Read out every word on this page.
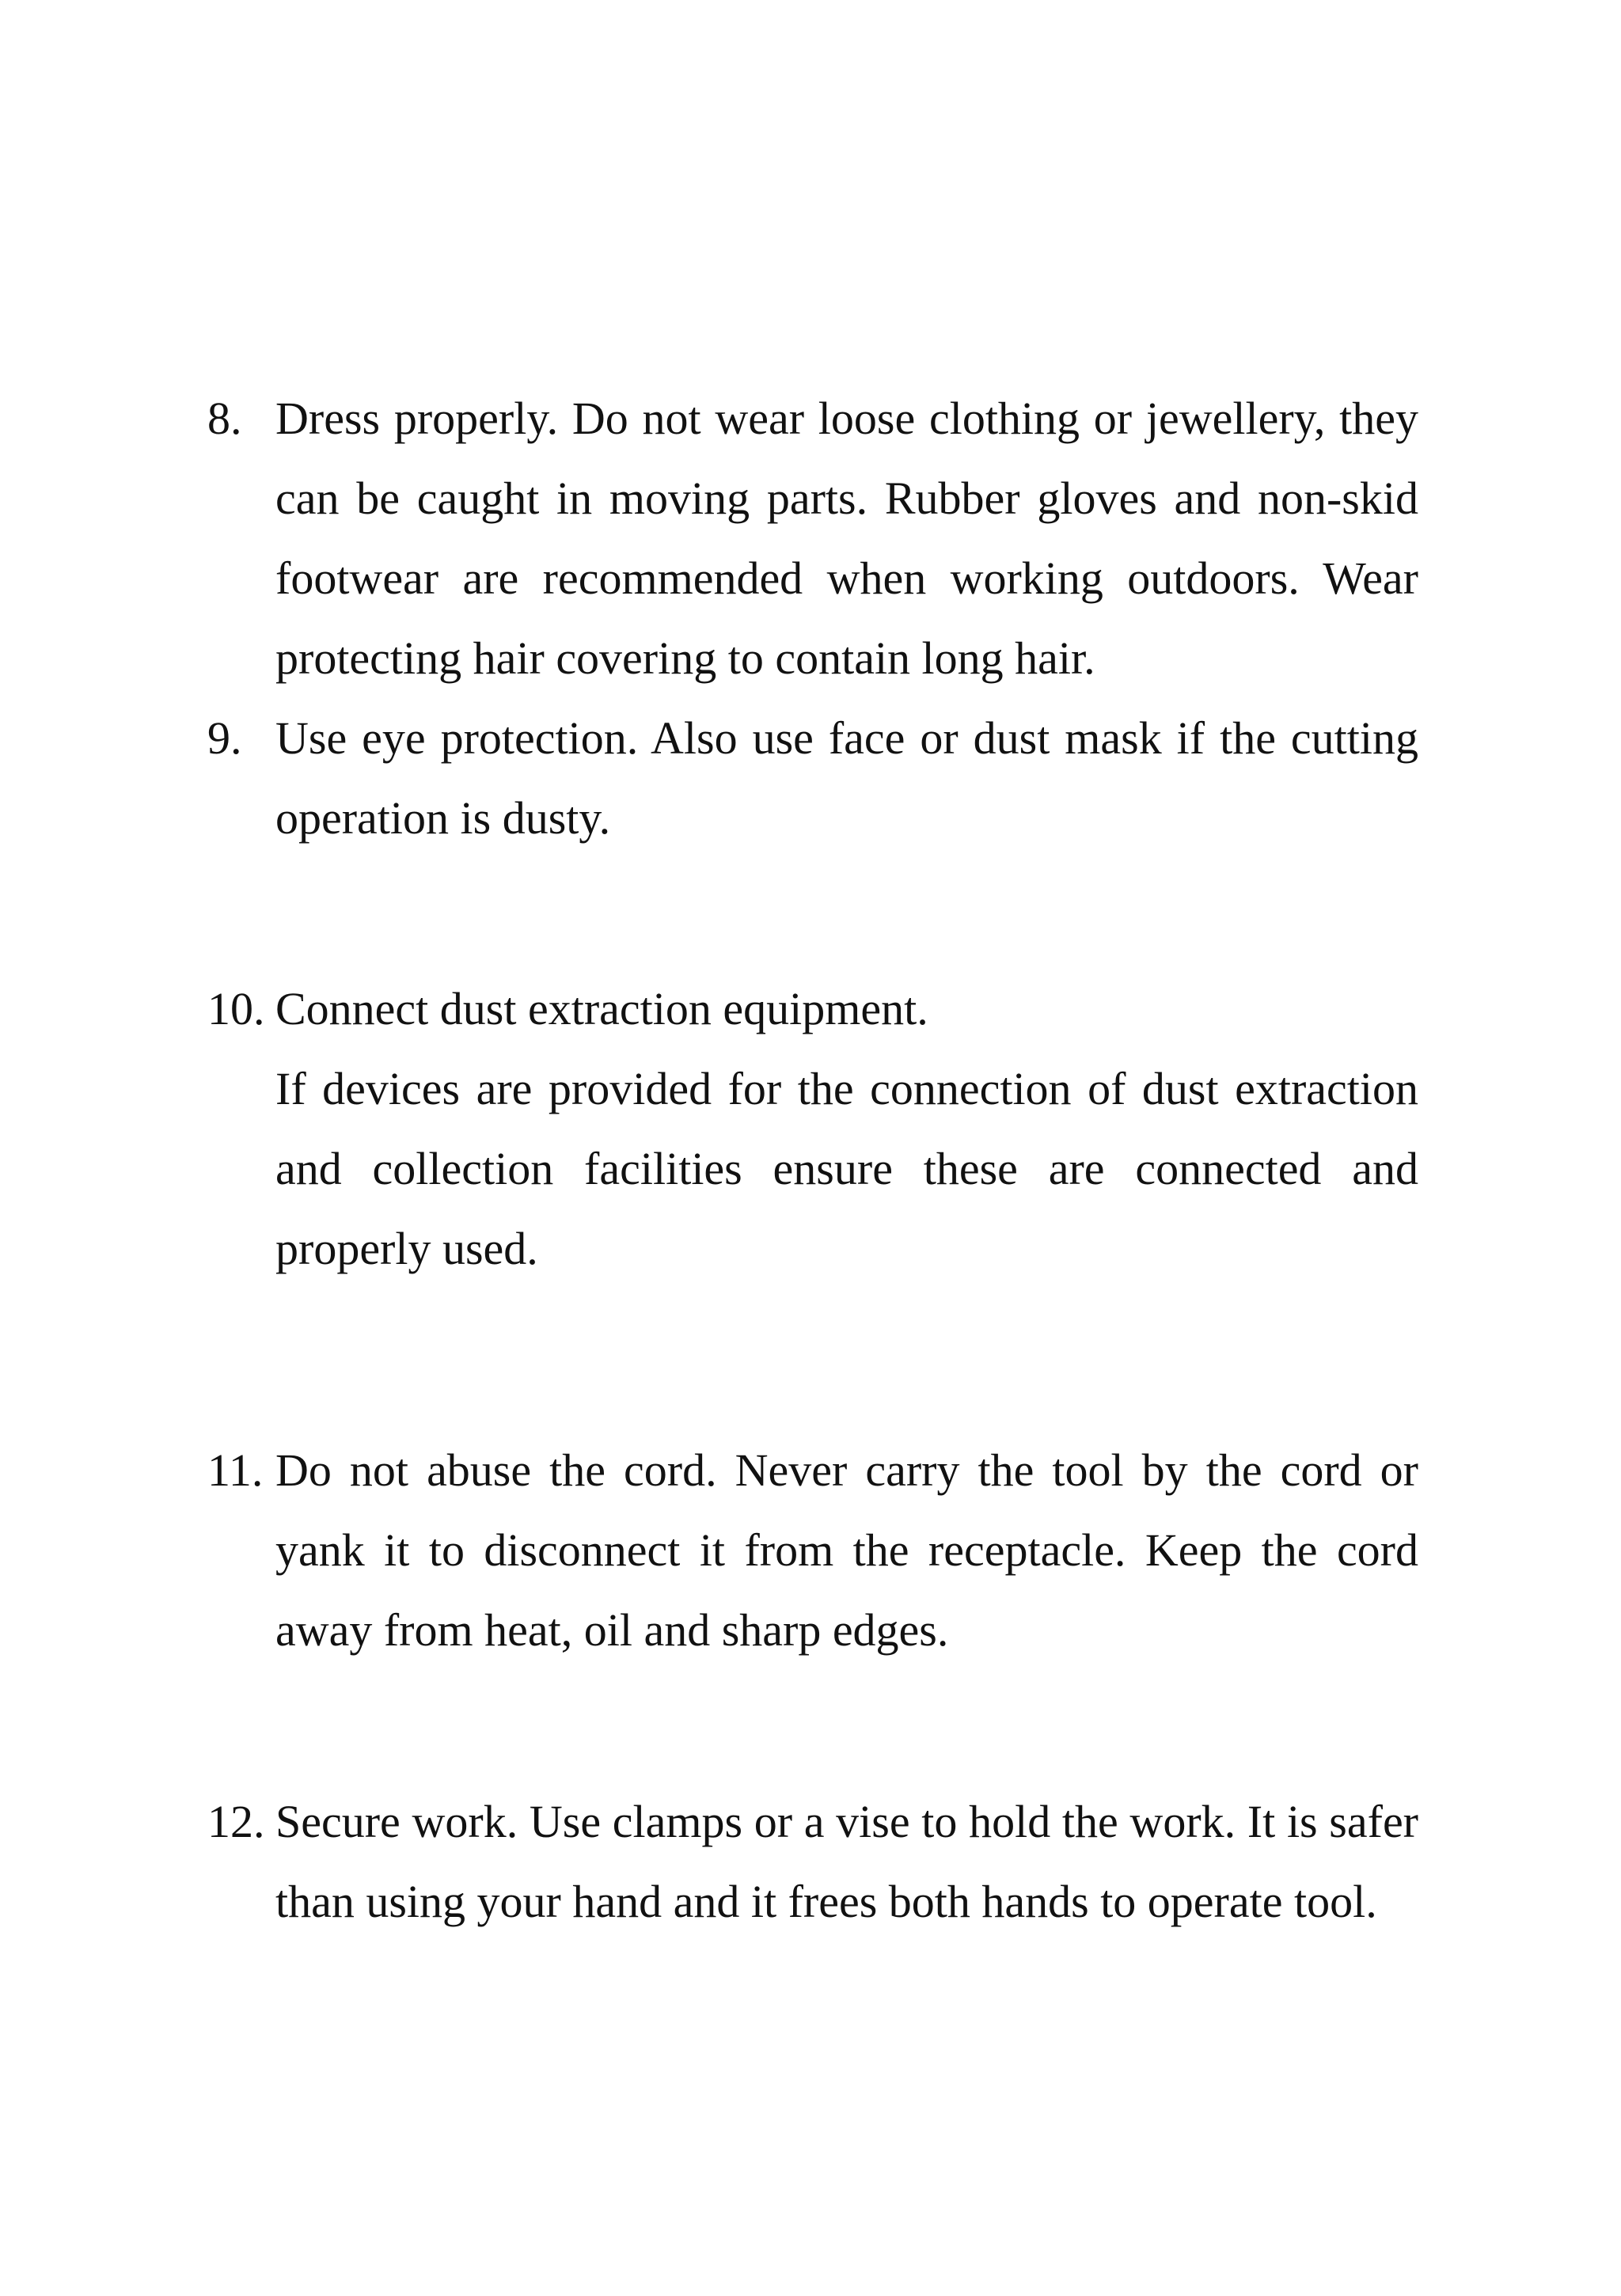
8. Dress properly. Do not wear loose clothing or jewellery, they can be caught in moving parts. Rubber gloves and non-skid footwear are recommended when working outdoors. Wear protecting hair covering to contain long hair.
9. Use eye protection. Also use face or dust mask if the cutting operation is dusty.
10. Connect dust extraction equipment.
If devices are provided for the connection of dust extraction and collection facilities ensure these are connected and properly used.
11. Do not abuse the cord. Never carry the tool by the cord or yank it to disconnect it from the receptacle. Keep the cord away from heat, oil and sharp edges.
12. Secure work. Use clamps or a vise to hold the work. It is safer than using your hand and it frees both hands to operate tool.
